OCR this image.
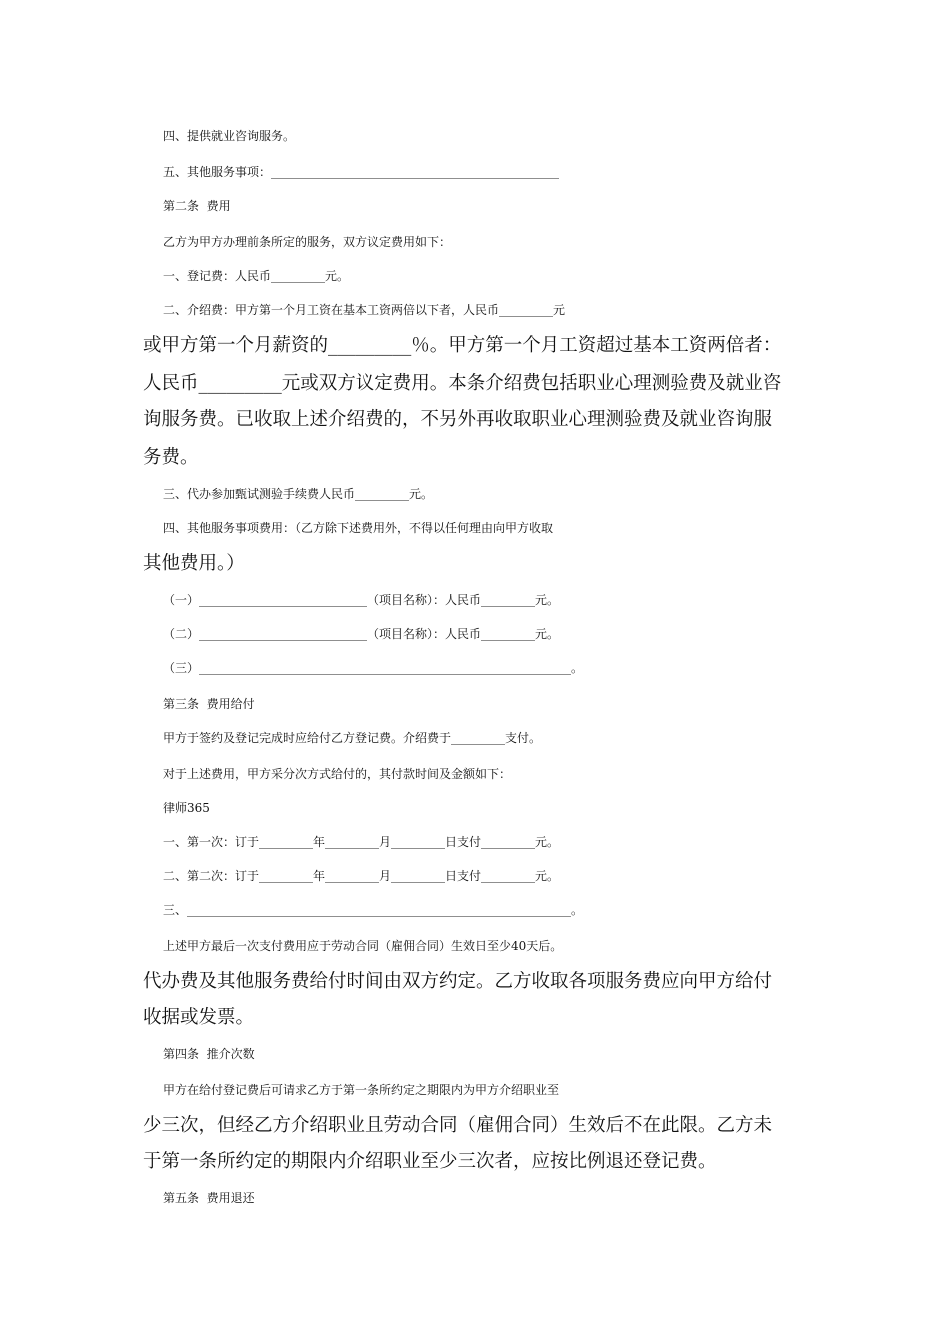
四、提供就业咨询服务。
五、其他服务事项：________________________________________________
第二条  费用
乙方为甲方办理前条所定的服务，双方议定费用如下：
一、登记费：人民币_________元。
二、介绍费：甲方第一个月工资在基本工资两倍以下者，人民币_________元
或甲方第一个月薪资的_________％。甲方第一个月工资超过基本工资两倍者：
人民币_________元或双方议定费用。本条介绍费包括职业心理测验费及就业咨
询服务费。已收取上述介绍费的，不另外再收取职业心理测验费及就业咨询服
务费。
三、代办参加甄试测验手续费人民币_________元。
四、其他服务事项费用：（乙方除下述费用外，不得以任何理由向甲方收取
其他费用。）
（一）____________________________（项目名称）：人民币_________元。
（二）____________________________（项目名称）：人民币_________元。
（三）______________________________________________________________。
第三条  费用给付
甲方于签约及登记完成时应给付乙方登记费。介绍费于_________支付。
对于上述费用，甲方采分次方式给付的，其付款时间及金额如下：
律师365
一、第一次：订于_________年_________月_________日支付_________元。
二、第二次：订于_________年_________月_________日支付_________元。
三、________________________________________________________________。
上述甲方最后一次支付费用应于劳动合同（雇佣合同）生效日至少40天后。
代办费及其他服务费给付时间由双方约定。乙方收取各项服务费应向甲方给付
收据或发票。
第四条  推介次数
甲方在给付登记费后可请求乙方于第一条所约定之期限内为甲方介绍职业至
少三次，但经乙方介绍职业且劳动合同（雇佣合同）生效后不在此限。乙方未
于第一条所约定的期限内介绍职业至少三次者，应按比例退还登记费。
第五条  费用退还
